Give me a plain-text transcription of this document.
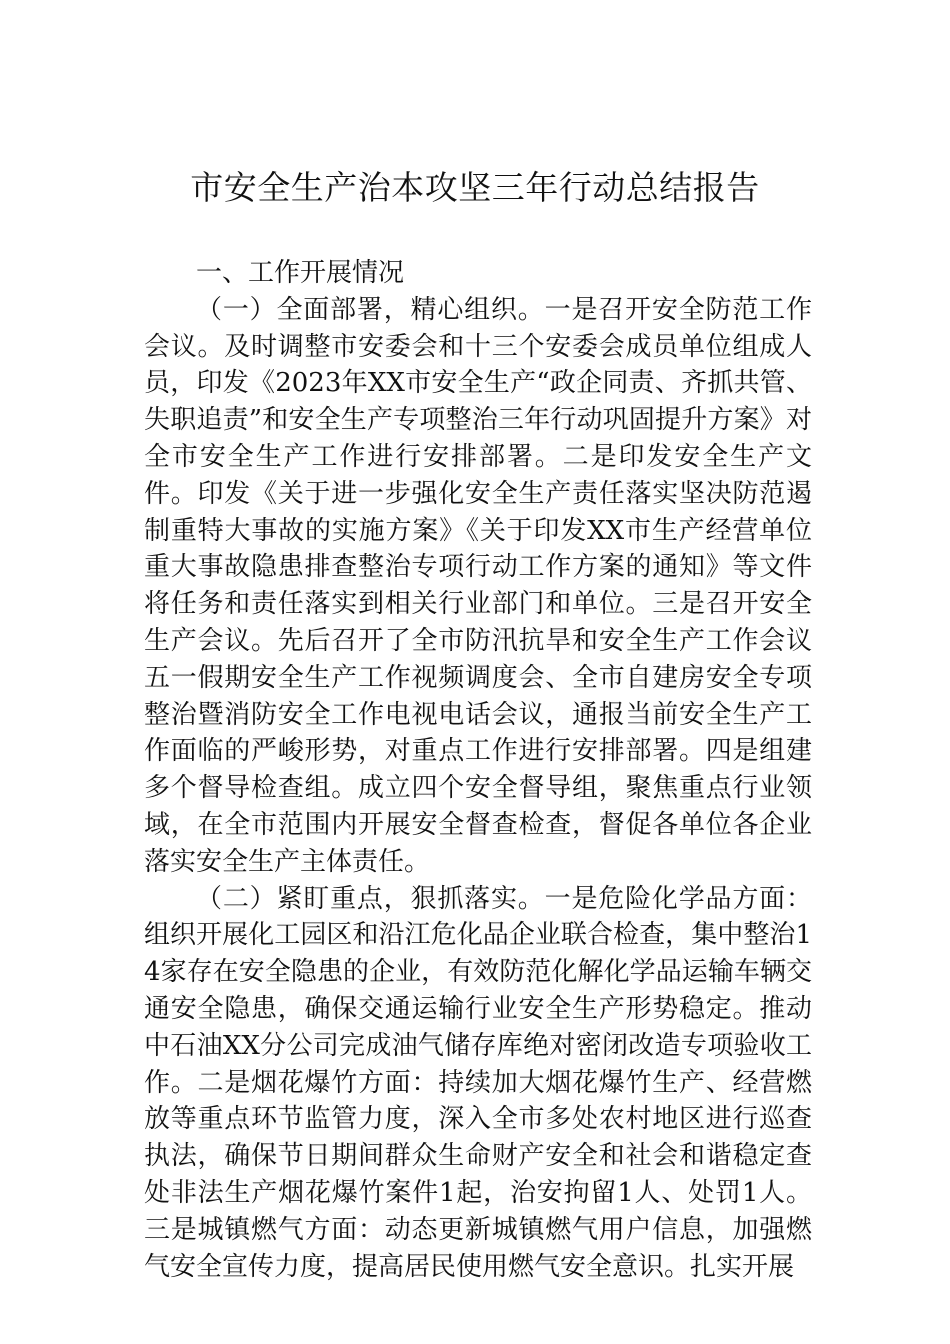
市安全生产治本攻坚三年行动总结报告

一、工作开展情况

（一）全面部署，精心组织。一是召开安全防范工作会议。及时调整市安委会和十三个安委会成员单位组成人员，印发《2023年XX市安全生产“政企同责、齐抓共管、失职追责”和安全生产专项整治三年行动巩固提升方案》对全市安全生产工作进行安排部署。二是印发安全生产文件。印发《关于进一步强化安全生产责任落实坚决防范遏制重特大事故的实施方案》《关于印发XX市生产经营单位重大事故隐患排查整治专项行动工作方案的通知》等文件将任务和责任落实到相关行业部门和单位。三是召开安全生产会议。先后召开了全市防汛抗旱和安全生产工作会议五一假期安全生产工作视频调度会、全市自建房安全专项整治暨消防安全工作电视电话会议，通报当前安全生产工作面临的严峻形势，对重点工作进行安排部署。四是组建多个督导检查组。成立四个安全督导组，聚焦重点行业领域，在全市范围内开展安全督查检查，督促各单位各企业落实安全生产主体责任。

（二）紧盯重点，狠抓落实。一是危险化学品方面：组织开展化工园区和沿江危化品企业联合检查，集中整治14家存在安全隐患的企业，有效防范化解化学品运输车辆交通安全隐患，确保交通运输行业安全生产形势稳定。推动中石油XX分公司完成油气储存库绝对密闭改造专项验收工作。二是烟花爆竹方面：持续加大烟花爆竹生产、经营燃放等重点环节监管力度，深入全市多处农村地区进行巡查执法，确保节日期间群众生命财产安全和社会和谐稳定查处非法生产烟花爆竹案件1起，治安拘留1人、处罚1人。三是城镇燃气方面：动态更新城镇燃气用户信息，加强燃气安全宣传力度，提高居民使用燃气安全意识。扎实开展
